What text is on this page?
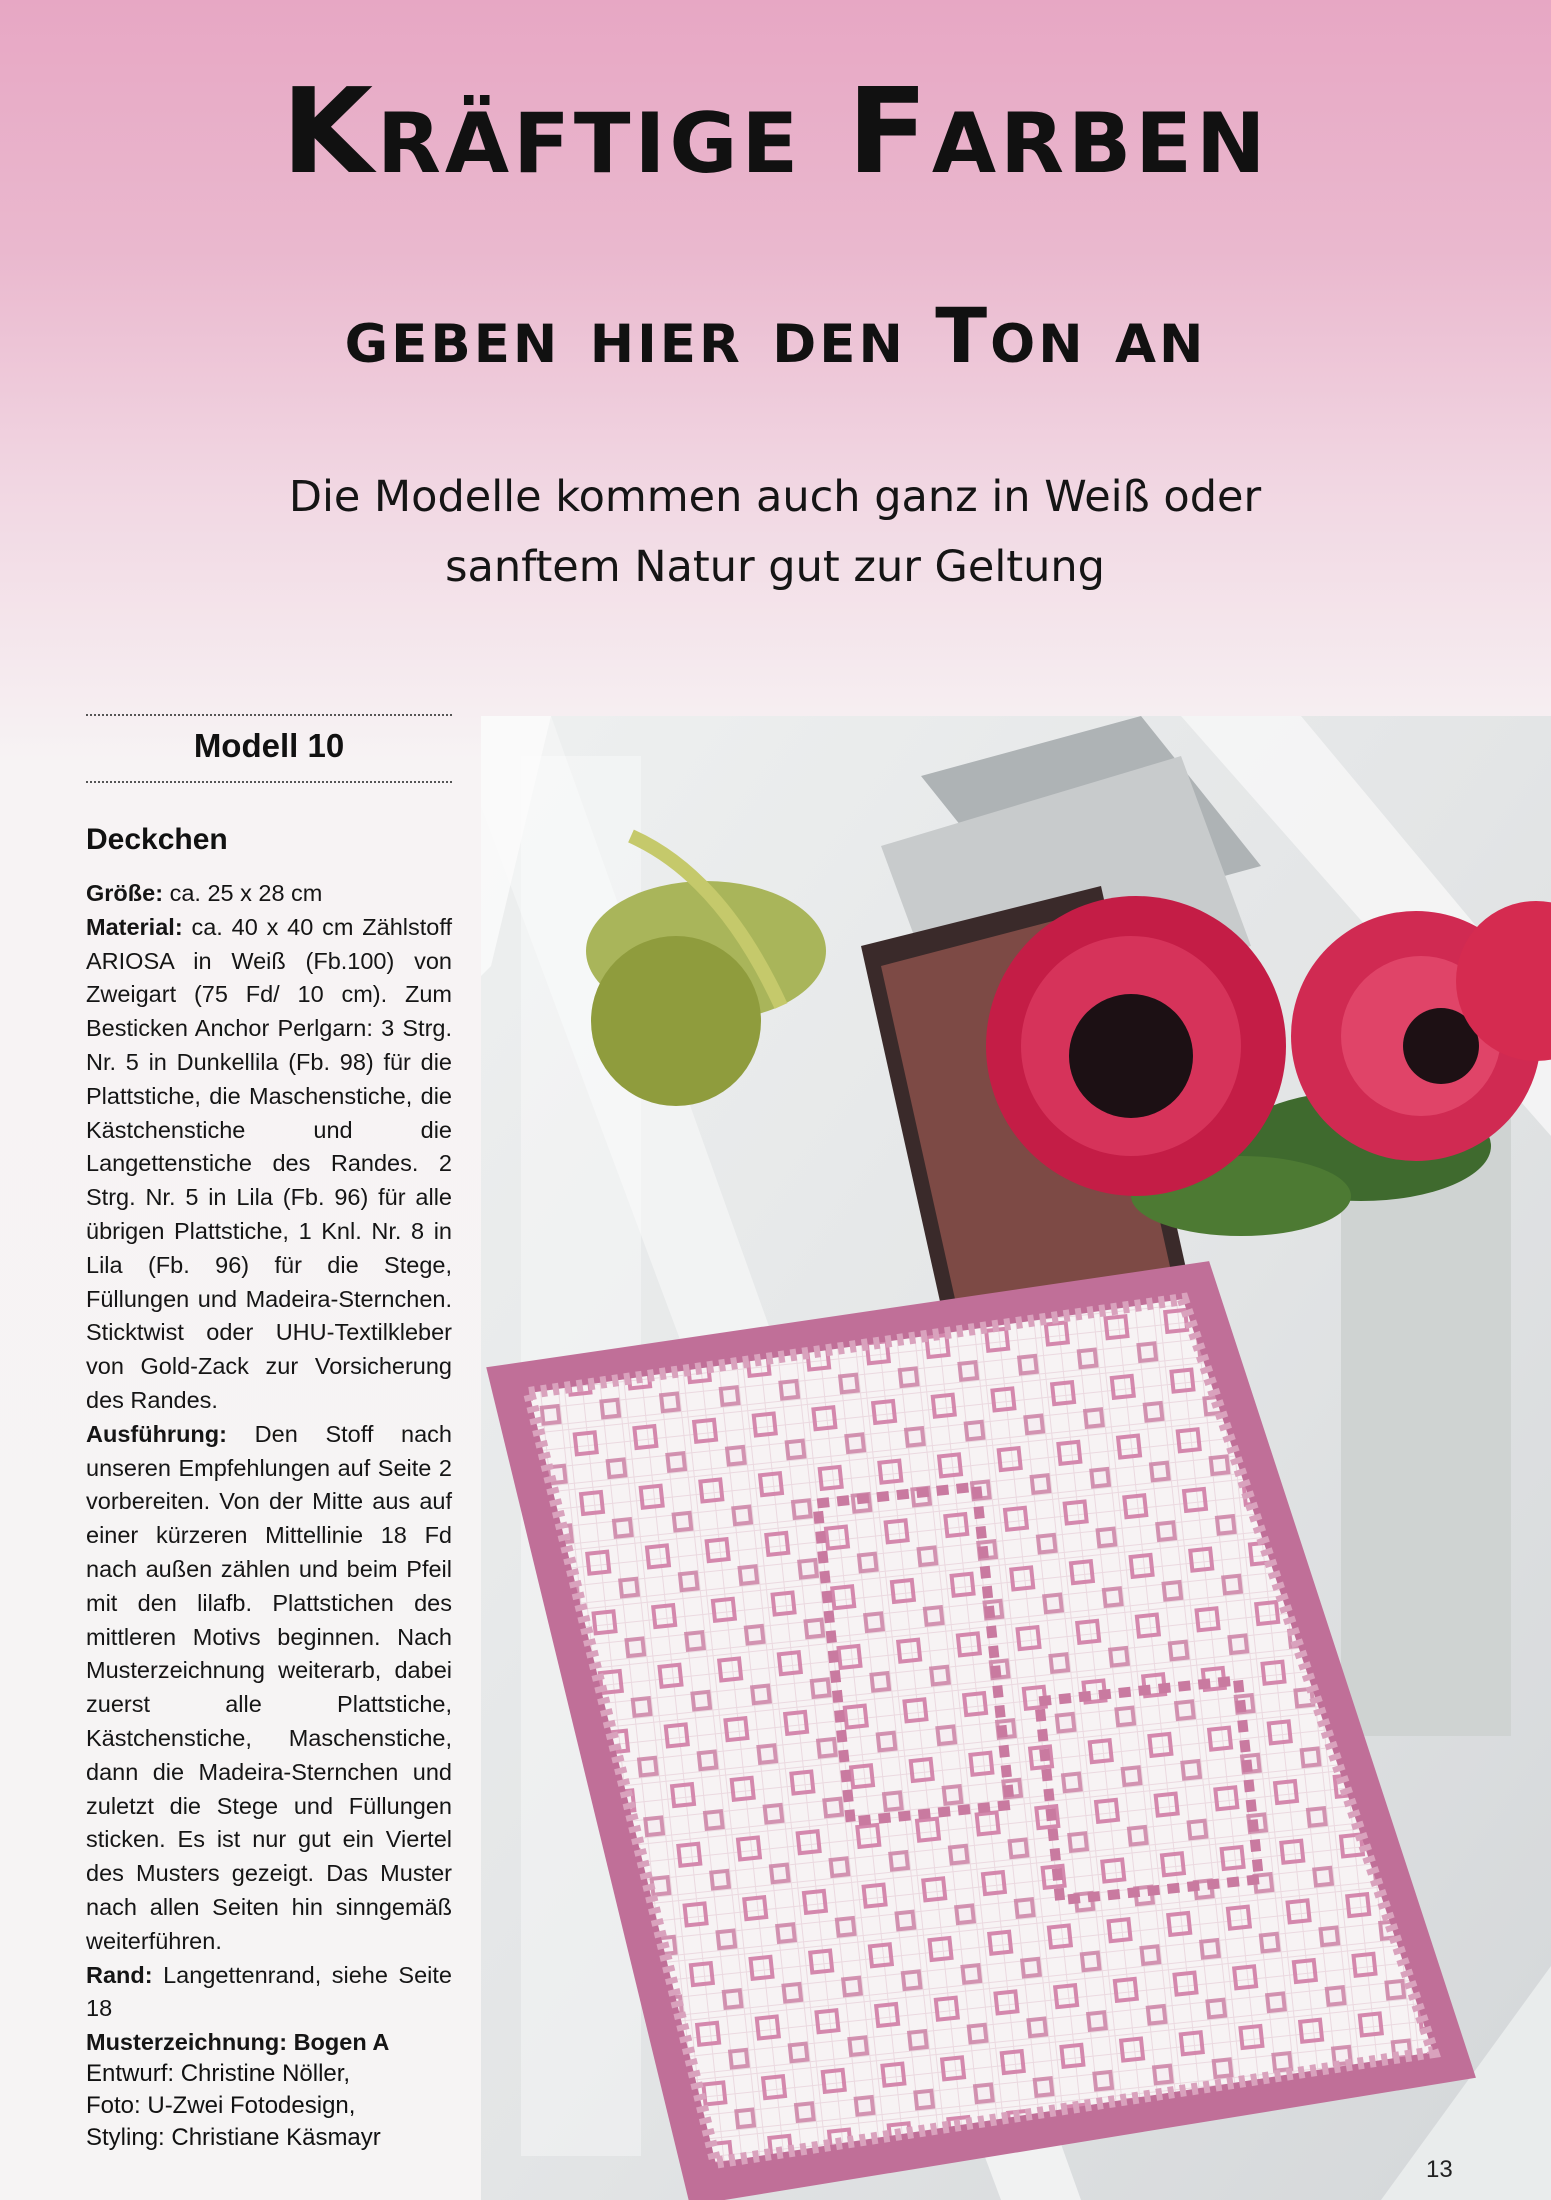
Kräftige Farben
geben hier den Ton an
Die Modelle kommen auch ganz in Weiß oder
sanftem Natur gut zur Geltung
Modell 10
Deckchen

Größe: ca. 25 x 28 cm

Material: ca. 40 x 40 cm Zählstoff ARIOSA in Weiß (Fb.100) von Zweigart (75 Fd/ 10 cm). Zum Besticken Anchor Perlgarn: 3 Strg. Nr. 5 in Dunkellila (Fb. 98) für die Plattstiche, die Maschenstiche, die Kästchenstiche und die Langettenstiche des Randes. 2 Strg. Nr. 5 in Lila (Fb. 96) für alle übrigen Plattstiche, 1 Knl. Nr. 8 in Lila (Fb. 96) für die Stege, Füllungen und Madeira-Sternchen. Sticktwist oder UHU-Textilkleber von Gold-Zack zur Vorsicherung des Randes.

Ausführung: Den Stoff nach unseren Empfehlungen auf Seite 2 vorbereiten. Von der Mitte aus auf einer kürzeren Mittellinie 18 Fd nach außen zählen und beim Pfeil mit den lilafb. Plattstichen des mittleren Motivs beginnen. Nach Musterzeichnung weiterarb, dabei zuerst alle Plattstiche, Kästchenstiche, Maschenstiche, dann die Madeira-Sternchen und zuletzt die Stege und Füllungen sticken. Es ist nur gut ein Viertel des Musters gezeigt. Das Muster nach allen Seiten hin sinngemäß weiterführen.

Rand: Langettenrand, siehe Seite 18

Musterzeichnung: Bogen A

Entwurf: Christine Nöller,
Foto: U-Zwei Fotodesign,
Styling: Christiane Käsmayr
13
